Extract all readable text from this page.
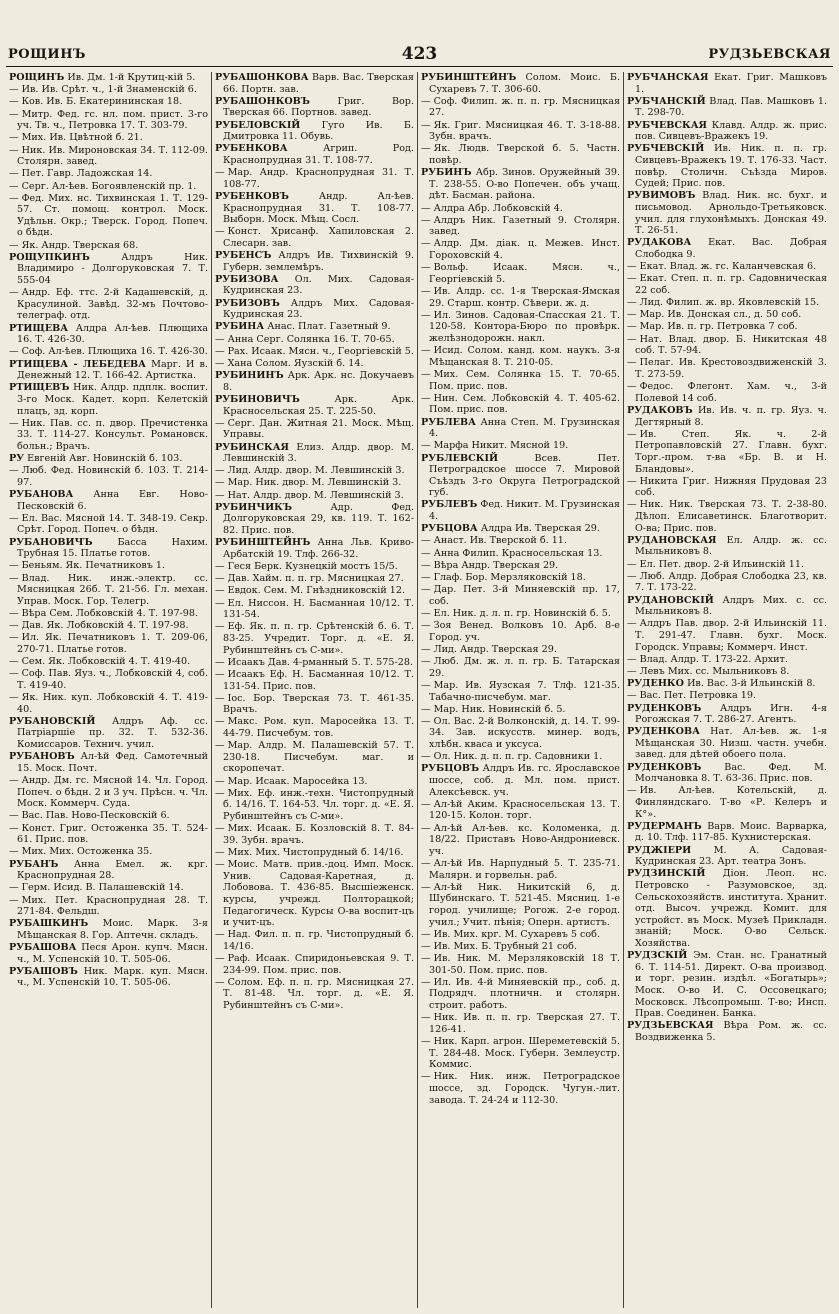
РОЩИНЪ	423	РУДЗЬЕВСКАЯ
РОЩИНЪ Ив. Дм. 1-й Крутиц-кій 5.
— Ив. Ив. Срѣт. ч., 1-й Знаменскій 6.
— Ков. Ив. Б. Екатерининская 18.
— Митр. Фед. гс. нл. пом. прист. 3-го уч. Тв. ч., Петровка 17. Т. 303-79.
— Мих. Ив. Цвѣтной б. 21.
— Ник. Ив. Мироновская 34. Т. 112-09. Столярн. завед.
— Пет. Гавр. Ладожская 14.
— Серг. Ал-ѣев. Богоявленскій пр. 1.
— Фед. Мих. нс. Тихвинская 1. Т. 129-57. Ст. помощ. контрол. Моск. Удѣльн. Окр.; Тверск. Город. Попеч. о бѣдн.
— Як. Андр. Тверская 68.
РОЩУПКИНЪ	Алдръ Ник. Владимиро - Долгоруковская 7. Т. 555-04
— Андр. Еф. ттс. 2-й Кадашевскій, д. Красулиной. Завѣд. 32-мъ Почтово-телеграф. отд.
РТИЩЕВА Алдра Ал-ѣев. Плющиха 16. Т. 426-30.
— Соф. Ал-ѣев. Плющиха 16. Т. 426-30.
РТИЩЕВА - ЛЕБЕДЕВА Марг. И в. Денежный 12. Т. 166-42. Артистка.
РТИЩЕВЪ Ник. Алдр. пдплк. воспит. 3-го Моск. Кадет. корп. Келетскій плацъ, зд. корп.
— Ник. Пав. сс. п. двор. Пречистенка 33. Т. 114-27. Консульт. Романовск. больн.; Врачъ.
РУ Евгеній Авг. Новинскій б. 103.
— Люб. Фед. Новинскій б. 103. Т. 214-97.
РУБАНОВА Анна Евг. Ново-Песковскій 6.
— Ел. Вас. Мясной 14. Т. 348-19. Секр. Срѣт. Город. Попеч. о бѣдн.
РУБАНОВИЧЪ	Басса Нахим. Трубная 15. Платье готов.
— Беньям. Як. Печатниковъ 1.
— Влад. Ник. инж.-электр. сс. Мясницкая 26б. Т. 21-56. Гл. механ. Управ. Моск. Гор. Телегр.
— Вѣра Сем. Лобковскій 4. Т. 197-98.
— Дав. Як. Лобковскій 4. Т. 197-98.
— Ил. Як. Печатниковъ 1. Т. 209-06, 270-71. Платье готов.
— Сем. Як. Лобковскій 4. Т. 419-40.
— Соф. Пав. Яуз. ч., Лобковскій 4, соб. Т. 419-40.
— Як. Ник. куп. Лобковскій 4. Т. 419-40.
РУБАНОВСКІЙ Алдръ Аф. сс. Патріаршіе пр. 32. Т. 532-36. Комиссаров. Технич. учил.
РУБАНОВЪ Ал-ѣй Фед. Самотечный 15. Моск. Почт.
— Андр. Дм. гс. Мясной 14. Чл. Город. Попеч. о бѣдн. 2 и 3 уч. Прѣсн. ч. Чл. Моск. Коммерч. Суда.
— Вас. Пав. Ново-Песковскій 6.
— Конст. Григ. Остоженка 35. Т. 524-61. Прис. пов.
— Мих. Мих. Остоженка 35.
РУБАНЪ Анна Емел. ж. крг. Краснопрудная 28.
— Герм. Исид. В. Палашевскій 14.
— Мих. Пет. Краснопрудная 28. Т. 271-84. Фельдш.
РУБАШКИНЪ Моис. Марк. 3-я Мѣщанская 8. Гор. Аптечн. складъ.
РУБАШОВА Песя Арон. купч. Мясн. ч., М. Успенскій 10. Т. 505-06.
РУБАШОВЪ Ник. Марк. куп. Мясн. ч., М. Успенскій 10. Т. 505-06.
РУБАШОНКОВА Варв. Вас. Тверская 66. Портн. зав.
РУБАШОНКОВЪ	Григ. Вор. Тверская 66. Портнов. завед.
РУБЕЛОВСКІЙ Гуго Ив. Б. Дмитровка 11. Обувь.
РУБЕНКОВА	Агрип. Род. Краснопрудная 31. Т. 108-77.
— Мар. Андр. Краснопрудная 31. Т. 108-77.
РУБЕНКОВЪ	Андр. Ал-ѣев. Краснопрудная 31. Т. 108-77. Выборн. Моск. Мѣщ. Сосл.
— Конст. Хрисанф. Хапиловская 2. Слесарн. зав.
РУБЕНСЪ Алдръ Ив. Тихвинскій 9. Губерн. землемѣръ.
РУБИЗОВА Ол. Мих. Садовая-Кудринская 23.
РУБИЗОВЪ Алдръ Мих. Садовая-Кудринская 23.
РУБИНА Анас. Плат. Газетный 9.
— Анна Серг. Солянка 16. Т. 70-65.
— Рах. Исаак. Мясн. ч., Георгіевскій 5.
— Хана Солом. Яузскій б. 14.
РУБИНИНЪ Арк. Арк. нс. Докучаевъ 8.
РУБИНОВИЧЪ	Арк. Арк. Красносельская 25. Т. 225-50.
— Серг. Дан. Житная 21. Моск. Мѣщ. Управы.
РУБИНСКАЯ Елиз. Алдр. двор. М. Левшинскій 3.
— Лид. Алдр. двор. М. Левшинскій 3.
— Мар. Ник. двор. М. Левшинскій 3.
— Нат. Алдр. двор. М. Левшинскій 3.
РУБИНЧИКЪ	Адр. Фед. Долгоруковская 29, кв. 119. Т. 162-82. Прис. пов.
РУБИНШТЕЙНЪ Анна Льв. Криво-Арбатскій 19. Тлф. 266-32.
— Геся Берк. Кузнецкій мостъ 15/5.
— Дав. Хайм. п. п. гр. Мясницкая 27.
— Евдок. Сем. М. Гнѣздниковскій 12.
— Ел. Ниссон. Н. Басманная 10/12. Т. 131-54.
— Еф. Як. п. п. гр. Срѣтенскій б. 6. Т. 83-25. Учредит. Торг. д. «Е. Я. Рубинштейнъ съ С-ми».
— Исаакъ Дав. 4-рманный 5. Т. 575-28.
— Исаакъ Еф. Н. Басманная 10/12. Т. 131-54. Прис. пов.
— Іос. Бор. Тверская 73. Т. 461-35. Врачъ.
— Макс. Ром. куп. Маросейка 13. Т. 44-79. Писчебум. тов.
— Мар. Алдр. М. Палашевскій 57. Т. 230-18. Писчебум. маг. и скоропечат.
— Мар. Исаак. Маросейка 13.
— Мих. Еф. инж.-техн. Чистопрудный б. 14/16. Т. 164-53. Чл. торг. д. «Е. Я. Рубинштейнъ съ С-ми».
— Мих. Исаак. Б. Козловскій 8. Т. 84-39. Зубн. врачъ.
— Мих. Мих. Чистопрудный б. 14/16.
— Моис. Матв. прив.-доц. Имп. Моск. Унив. Садовая-Каретная, д. Лобовова. Т. 436-85. Высшіеженск. курсы, учрежд. Полторацкой; Педагогическ. Курсы О-ва воспит-цъ и учит-цъ.
— Над. Фил. п. п. гр. Чистопрудный б. 14/16.
— Раф. Исаак. Спиридоньевская 9. Т. 234-99. Пом. прис. пов.
— Солом. Еф. п. п. гр. Мясницкая 27. Т. 81-48. Чл. торг. д. «Е. Я. Рубинштейнъ съ С-ми».
РУБИНШТЕЙНЪ Солом. Моис. Б. Сухаревъ 7. Т. 306-60.
— Соф. Филип. ж. п. п. гр. Мясницкая 27.
— Як. Григ. Мясницкая 46. Т. 3-18-88. Зубн. врачъ.
— Як. Людв. Тверской б. 5. Частн. повѣр.
РУБИНЪ Абр. Зинов. Оружейный 39. Т. 238-55. О-во Попечен. объ учащ. дѣт. Басман. района.
— Алдра Абр. Лобковскій 4.
— Алдръ Ник. Газетный 9. Столярн. завед.
— Алдр. Дм. діак. ц. Межев. Инст. Гороховскій 4.
— Вольф. Исаак. Мясн. ч., Георгіевскій 5.
— Ив. Алдр. сс. 1-я Тверская-Ямская 29. Старш. контр. Сѣвери. ж. д.
— Ил. Зинов. Садовая-Спасская 21. Т. 120-58. Контора-Бюро по провѣрк. желѣзнодорожн. накл.
— Исид. Солом. канд. ком. наукъ. 3-я Мѣщанская 8. Т. 210-05.
— Мих. Сем. Солянка 15. Т. 70-65. Пом. прис. пов.
— Нин. Сем. Лобковскій 4. Т. 405-62. Пом. прис. пов.
РУБЛЕВА Анна Степ. М. Грузинская 4.
— Марфа Никит. Мясной 19.
РУБЛЕВСКІЙ	Всев. Пет. Петроградское шоссе 7. Мировой Съѣздъ 3-го Округа Петроградской губ.
РУБЛЕВЪ Фед. Никит. М. Грузинская 4.
РУБЦОВА Алдра Ив. Тверская 29.
— Анаст. Ив. Тверской б. 11.
— Анна Филип. Красносельская 13.
— Вѣра Андр. Тверская 29.
— Глаф. Бор. Мерзляковскій 18.
— Дар. Пет. 3-й Миняевскій пр. 17, соб.
— Ел. Ник. д. л. п. гр. Новинскій б. 5.
— Зоя Венед. Волковъ 10. Арб. 8-е Город. уч.
— Лид. Андр. Тверская 29.
— Люб. Дм. ж. л. п. гр. Б. Татарская 29.
— Мар. Ив. Яузская 7. Тлф. 121-35. Табачно-писчебум. маг.
— Мар. Ник. Новинскій б. 5.
— Ол. Вас. 2-й Волконскій, д. 14. Т. 99-34. Зав. искусств. минер. водъ, хлѣбн. кваса и уксуса.
— Ол. Ник. д. п. п. гр. Садовники 1.
РУБЦОВЪ Алдръ Ив. гс. Ярославское шоссе, соб. д. Мл. пом. прист. Алексѣевск. уч.
— Ал-ѣй Аким. Красносельская 13. Т. 120-15. Колон. торг.
— Ал-ѣй Ал-ѣев. кс. Коломенка, д. 18/22. Приставъ Ново-Андрониевск. уч.
— Ал-ѣй Ив. Нарпудный 5. Т. 235-71. Малярн. и горвельн. раб.
— Ал-ѣй Ник. Никитскій 6, д. Шубинскаго. Т. 521-45. Мясниц. 1-е город. училище; Рогож. 2-е город. учил.; Учит. пѣнія; Оперн. артистъ.
— Ив. Мих. крг. М. Сухаревъ 5 соб.
— Ив. Мих. Б. Трубный 21 соб.
— Ив. Ник. М. Мерзляковскій 18 Т. 301-50. Пом. прис. пов.
— Ил. Ив. 4-й Миняевскій пр., соб. д. Подрядч. плотничн. и столярн. строит. работъ.
— Ник. Ив. п. п. гр. Тверская 27. Т. 126-41.
— Ник. Карп. агрон. Шереметевскій 5. Т. 284-48. Моск. Губерн. Землеустр. Коммис.
— Ник. Ник. инж. Петроградское шоссе, зд. Городск. Чугун.-лит. завода. Т. 24-24 и 112-30.
РУБЧАНСКАЯ Екат. Григ. Машковъ 1.
РУБЧАНСКІЙ Влад. Пав. Машковъ 1. Т. 298-70.
РУБЧЕВСКАЯ Клавд. Алдр. ж. прис. пов. Сивцевъ-Вражекъ 19.
РУБЧЕВСКІЙ Ив. Ник. п. п. гр. Сивцевъ-Вражекъ 19. Т. 176-33. Част. повѣр. Столичн. Съѣзда Миров. Судей; Прис. пов.
РУВИМОВЪ Влад. Ник. нс. бухг. и письмовод. Арнольдо-Третьяковск. учил. для глухонѣмыхъ. Донская 49. Т. 26-51.
РУДАКОВА Екат. Вас. Добрая Слободка 9.
— Екат. Влад. ж. гс. Каланчевская 6.
— Екат. Степ. п. п. гр. Садовническая 22 соб.
— Лид. Филип. ж. вр. Яковлевскій 15.
— Мар. Ив. Донская сл., д. 50 соб.
— Мар. Ив. п. гр. Петровка 7 соб.
— Нат. Влад. двор. Б. Никитская 48 соб. Т. 57-94.
— Пелаг. Ив. Крестовоздвиженскій 3. Т. 273-59.
— Федос. Флегонт. Хам. ч., 3-й Полевой 14 соб.
РУДАКОВЪ Ив. Ив. ч. п. гр. Яуз. ч. Дегтярный 8.
— Ив. Степ. Як. ч. 2-й Петропавловскій 27. Главн. бухг. Торг.-пром. т-ва «Бр. В. и Н. Бландовы».
— Никита Григ. Нижняя Прудовая 23 соб.
— Ник. Ник. Тверская 73. Т. 2-38-80. Дѣлоп. Елисаветинск. Благотворит. О-ва; Прис. пов.
РУДАНОВСКАЯ Ел. Алдр. ж. сс. Мыльниковъ 8.
— Ел. Пет. двор. 2-й Ильинскій 11.
— Люб. Алдр. Добрая Слободка 23, кв. 7. Т. 173-22.
РУДАНОВСКІЙ Алдръ Мих. с. сс. Мыльниковъ 8.
— Алдръ Пав. двор. 2-й Ильинскій 11. Т. 291-47. Главн. бухг. Моск. Городск. Управы; Коммерч. Инст.
— Влад. Алдр. Т. 173-22. Архит.
— Левъ Мих. сс. Мыльниковъ 8.
РУДЕНКО Ив. Вас. 3-й Ильинскій 8.
— Вас. Пет. Петровка 19.
РУДЕНКОВЪ Алдръ Игн. 4-я Рогожская 7. Т. 286-27. Агентъ.
РУДЕНКОВА Нат. Ал-ѣев. ж. 1-я Мѣщанская 30. Низш. частн. учебн. завед. для дѣтей обоего пола.
РУДЕНКОВЪ Вас. Фед. М. Молчановка 8. Т. 63-36. Прис. пов.
— Ив. Ал-ѣев. Котельскій, д. Финляндскаго. Т-во «Р. Келеръ и К°».
РУДЕРМАНЪ Варв. Моис. Варварка, д. 10. Тлф. 117-85. Кухнистерская.
РУДЖІЕРИ М. А. Садовая-Кудринская 23. Арт. театра Зонъ.
РУДЗИНСКІЙ Діон. Леоп. нс. Петровско - Разумовское, зд. Сельскохозяйств. института. Хранит. отд. Высоч. учрежд. Комит. для устройст. въ Моск. Музеѣ Прикладн. знаній; Моск. О-во Сельск. Хозяйства.
РУДЗСКІЙ Эм. Стан. нс. Гранатный 6. Т. 114-51. Директ. О-ва производ. и торг. резин. издѣл. «Богатырь»; Моск. О-во И. С. Оссовецкаго; Московск. Лѣсопромыш. Т-во; Инсп. Прав. Соединен. Банка.
РУДЗЬЕВСКАЯ Вѣра Ром. ж. сс. Воздвиженка 5.
